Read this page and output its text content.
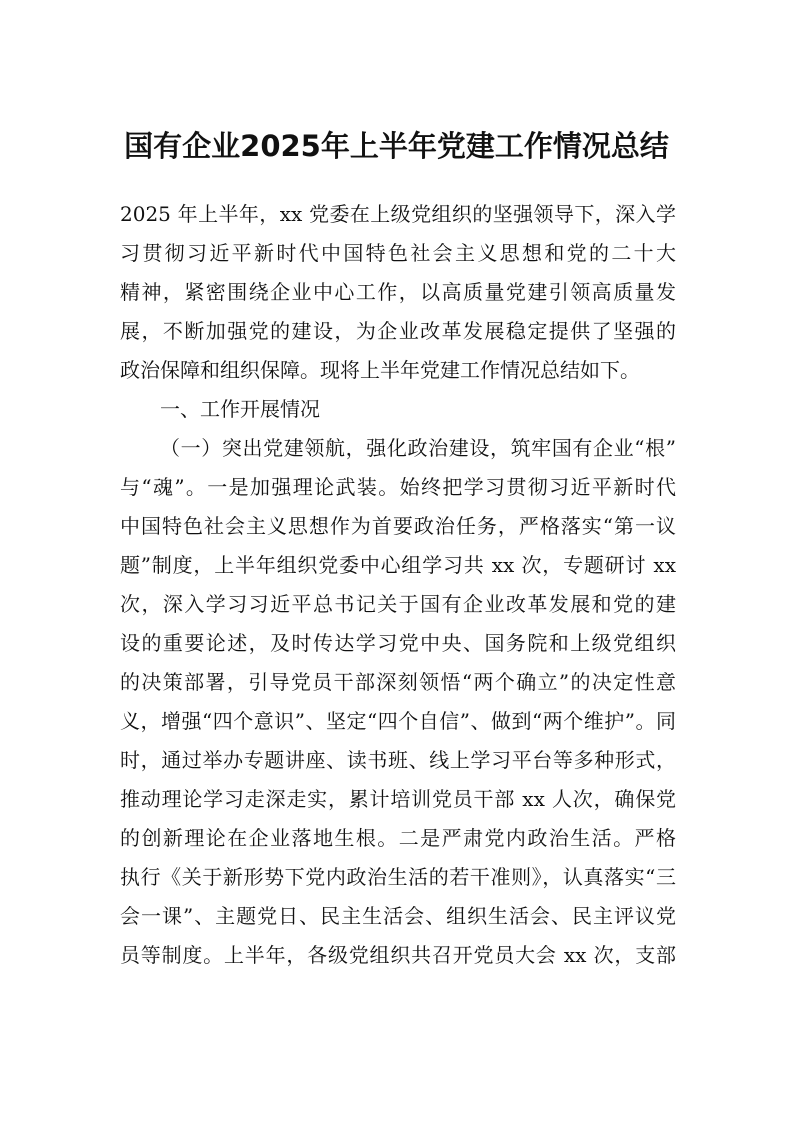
国有企业2025年上半年党建工作情况总结
2025 年上半年，xx 党委在上级党组织的坚强领导下，深入学
习贯彻习近平新时代中国特色社会主义思想和党的二十大
精神，紧密围绕企业中心工作，以高质量党建引领高质量发
展，不断加强党的建设，为企业改革发展稳定提供了坚强的
政治保障和组织保障。现将上半年党建工作情况总结如下。
一、工作开展情况
（一）突出党建领航，强化政治建设，筑牢国有企业“根”
与“魂”。一是加强理论武装。始终把学习贯彻习近平新时代
中国特色社会主义思想作为首要政治任务，严格落实“第一议
题”制度，上半年组织党委中心组学习共 xx 次，专题研讨 xx
次，深入学习习近平总书记关于国有企业改革发展和党的建
设的重要论述，及时传达学习党中央、国务院和上级党组织
的决策部署，引导党员干部深刻领悟“两个确立”的决定性意
义，增强“四个意识”、坚定“四个自信”、做到“两个维护”。同
时，通过举办专题讲座、读书班、线上学习平台等多种形式，
推动理论学习走深走实，累计培训党员干部 xx 人次，确保党
的创新理论在企业落地生根。二是严肃党内政治生活。严格
执行《关于新形势下党内政治生活的若干准则》，认真落实“三
会一课”、主题党日、民主生活会、组织生活会、民主评议党
员等制度。上半年，各级党组织共召开党员大会 xx 次，支部
